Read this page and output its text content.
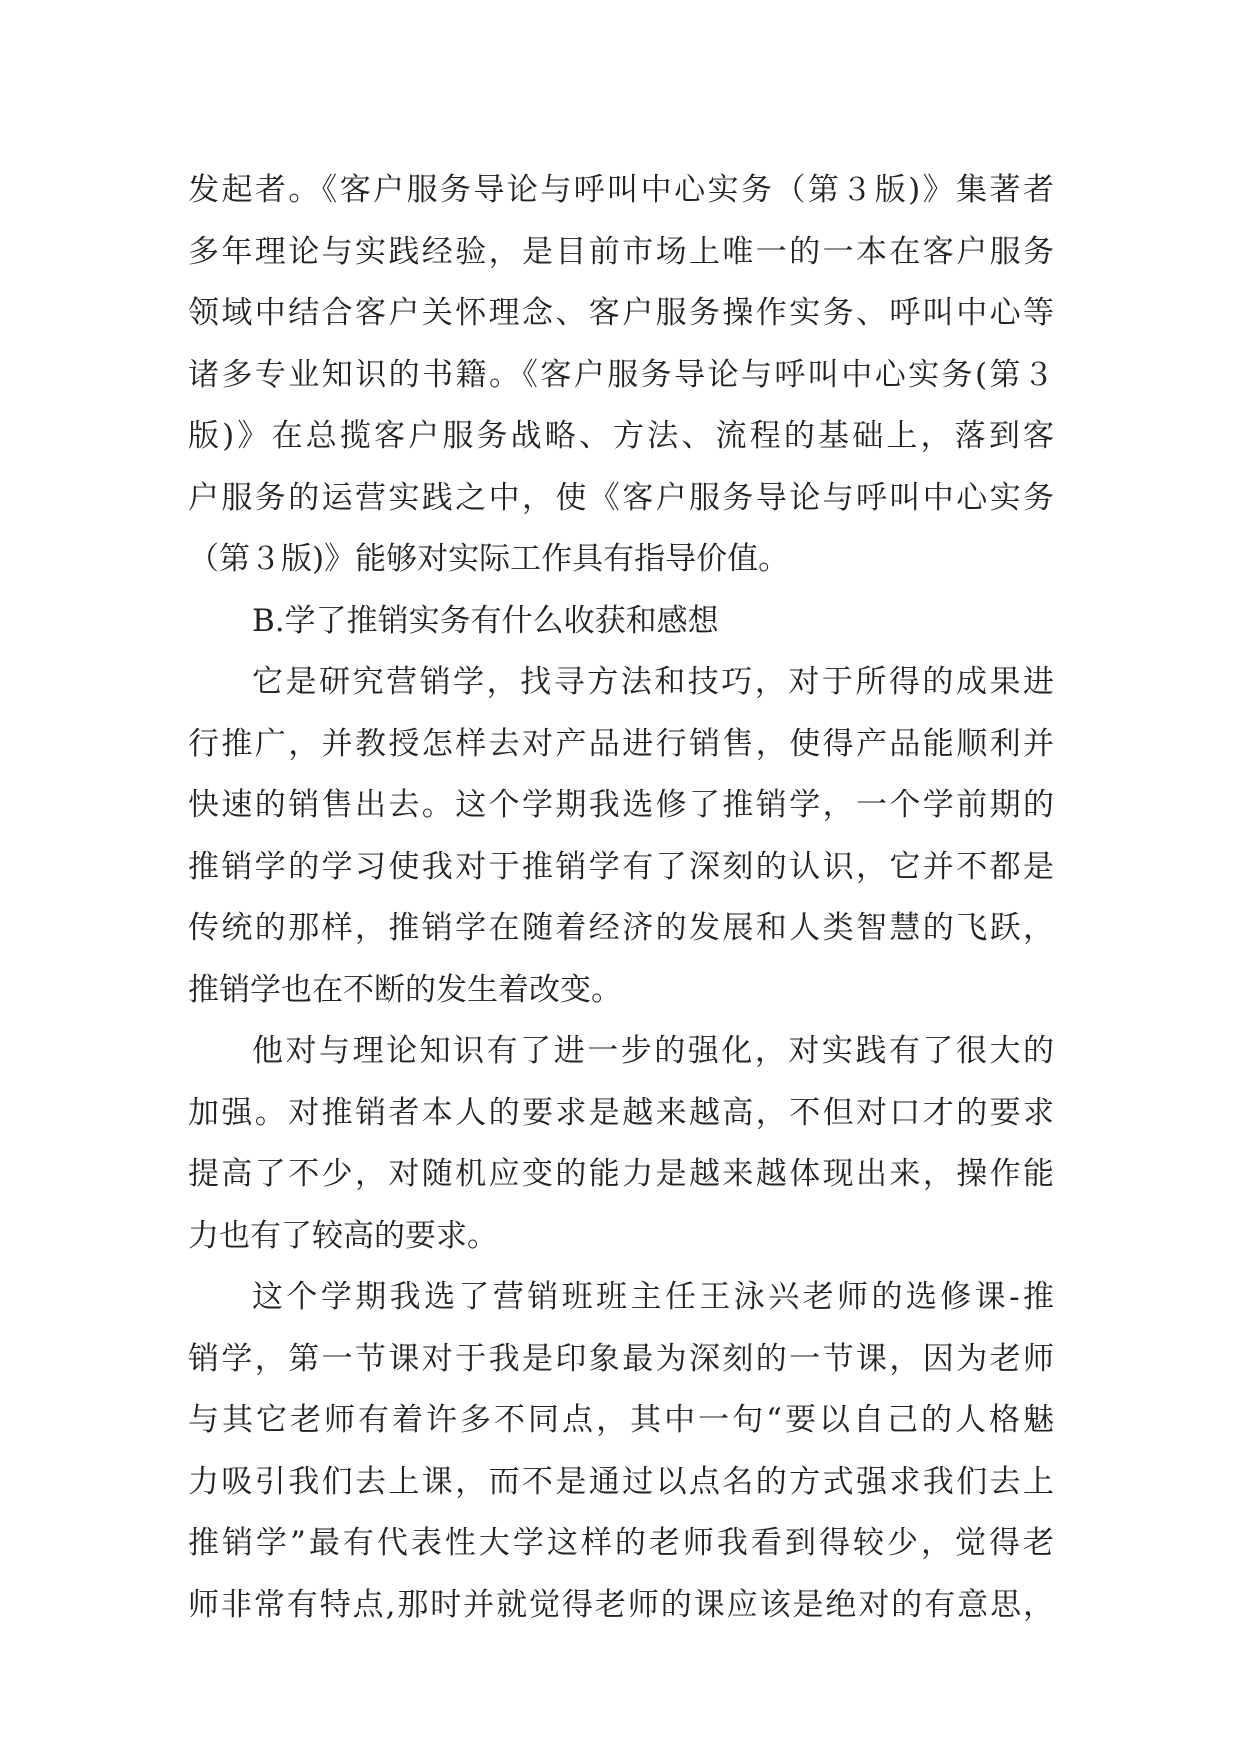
发起者。《客户服务导论与呼叫中心实务（第３版)》集著者
多年理论与实践经验，是目前市场上唯一的一本在客户服务
领域中结合客户关怀理念、客户服务操作实务、呼叫中心等
诸多专业知识的书籍。《客户服务导论与呼叫中心实务(第３
版)》在总揽客户服务战略、方法、流程的基础上，落到客
户服务的运营实践之中，使《客户服务导论与呼叫中心实务
（第３版)》能够对实际工作具有指导价值。
B.学了推销实务有什么收获和感想
它是研究营销学，找寻方法和技巧，对于所得的成果进
行推广，并教授怎样去对产品进行销售，使得产品能顺利并
快速的销售出去。这个学期我选修了推销学，一个学前期的
推销学的学习使我对于推销学有了深刻的认识，它并不都是
传统的那样，推销学在随着经济的发展和人类智慧的飞跃，
推销学也在不断的发生着改变。
他对与理论知识有了进一步的强化，对实践有了很大的
加强。对推销者本人的要求是越来越高，不但对口才的要求
提高了不少，对随机应变的能力是越来越体现出来，操作能
力也有了较高的要求。
这个学期我选了营销班班主任王泳兴老师的选修课-推
销学，第一节课对于我是印象最为深刻的一节课，因为老师
与其它老师有着许多不同点，其中一句“要以自己的人格魅
力吸引我们去上课，而不是通过以点名的方式强求我们去上
推销学”最有代表性大学这样的老师我看到得较少，觉得老
师非常有特点,那时并就觉得老师的课应该是绝对的有意思，
